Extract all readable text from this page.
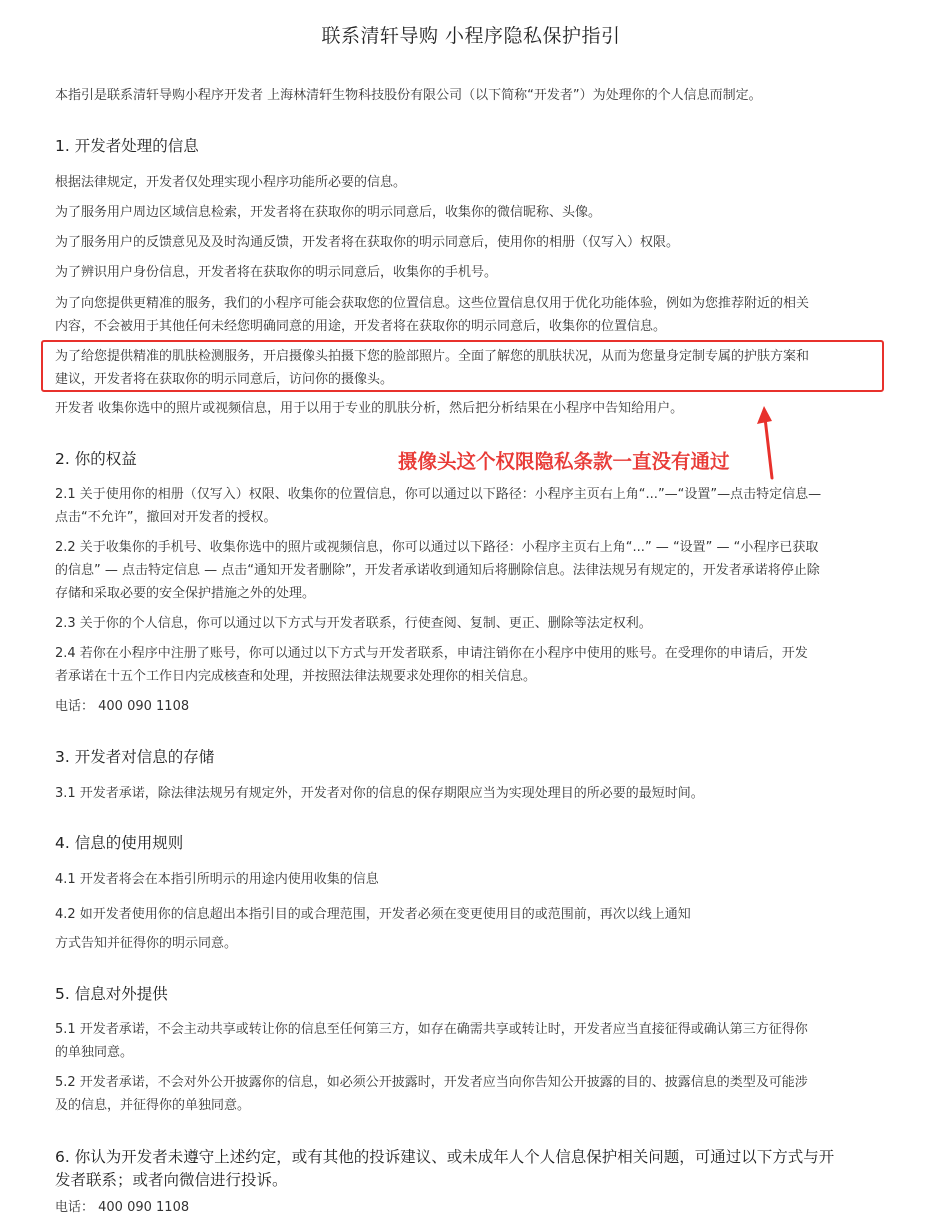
联系清轩导购 小程序隐私保护指引
本指引是联系清轩导购小程序开发者 上海林清轩生物科技股份有限公司（以下简称“开发者”）为处理你的个人信息而制定。
1. 开发者处理的信息
根据法律规定，开发者仅处理实现小程序功能所必要的信息。
为了服务用户周边区域信息检索，开发者将在获取你的明示同意后，收集你的微信昵称、头像。
为了服务用户的反馈意见及及时沟通反馈，开发者将在获取你的明示同意后，使用你的相册（仅写入）权限。
为了辨识用户身份信息，开发者将在获取你的明示同意后，收集你的手机号。
为了向您提供更精准的服务，我们的小程序可能会获取您的位置信息。这些位置信息仅用于优化功能体验，例如为您推荐附近的相关
内容，不会被用于其他任何未经您明确同意的用途，开发者将在获取你的明示同意后，收集你的位置信息。
为了给您提供精准的肌肤检测服务，开启摄像头拍摄下您的脸部照片。全面了解您的肌肤状况，从而为您量身定制专属的护肤方案和
建议，开发者将在获取你的明示同意后，访问你的摄像头。
开发者 收集你选中的照片或视频信息，用于以用于专业的肌肤分析，然后把分析结果在小程序中告知给用户。
摄像头这个权限隐私条款一直没有通过
2. 你的权益
2.1 关于使用你的相册（仅写入）权限、收集你的位置信息，你可以通过以下路径：小程序主页右上角“...”—“设置”—点击特定信息—
点击“不允许”，撤回对开发者的授权。
2.2 关于收集你的手机号、收集你选中的照片或视频信息，你可以通过以下路径：小程序主页右上角“...” — “设置” — “小程序已获取
的信息” — 点击特定信息 — 点击“通知开发者删除”，开发者承诺收到通知后将删除信息。法律法规另有规定的，开发者承诺将停止除
存储和采取必要的安全保护措施之外的处理。
2.3 关于你的个人信息，你可以通过以下方式与开发者联系，行使查阅、复制、更正、删除等法定权利。
2.4 若你在小程序中注册了账号，你可以通过以下方式与开发者联系，申请注销你在小程序中使用的账号。在受理你的申请后，开发
者承诺在十五个工作日内完成核查和处理，并按照法律法规要求处理你的相关信息。
电话： 400 090 1108
3. 开发者对信息的存储
3.1 开发者承诺，除法律法规另有规定外，开发者对你的信息的保存期限应当为实现处理目的所必要的最短时间。
4. 信息的使用规则
4.1 开发者将会在本指引所明示的用途内使用收集的信息
4.2 如开发者使用你的信息超出本指引目的或合理范围，开发者必须在变更使用目的或范围前，再次以线上通知
方式告知并征得你的明示同意。
5. 信息对外提供
5.1 开发者承诺，不会主动共享或转让你的信息至任何第三方，如存在确需共享或转让时，开发者应当直接征得或确认第三方征得你
的单独同意。
5.2 开发者承诺，不会对外公开披露你的信息，如必须公开披露时，开发者应当向你告知公开披露的目的、披露信息的类型及可能涉
及的信息，并征得你的单独同意。
6. 你认为开发者未遵守上述约定，或有其他的投诉建议、或未成年人个人信息保护相关问题，可通过以下方式与开
发者联系；或者向微信进行投诉。
电话： 400 090 1108
